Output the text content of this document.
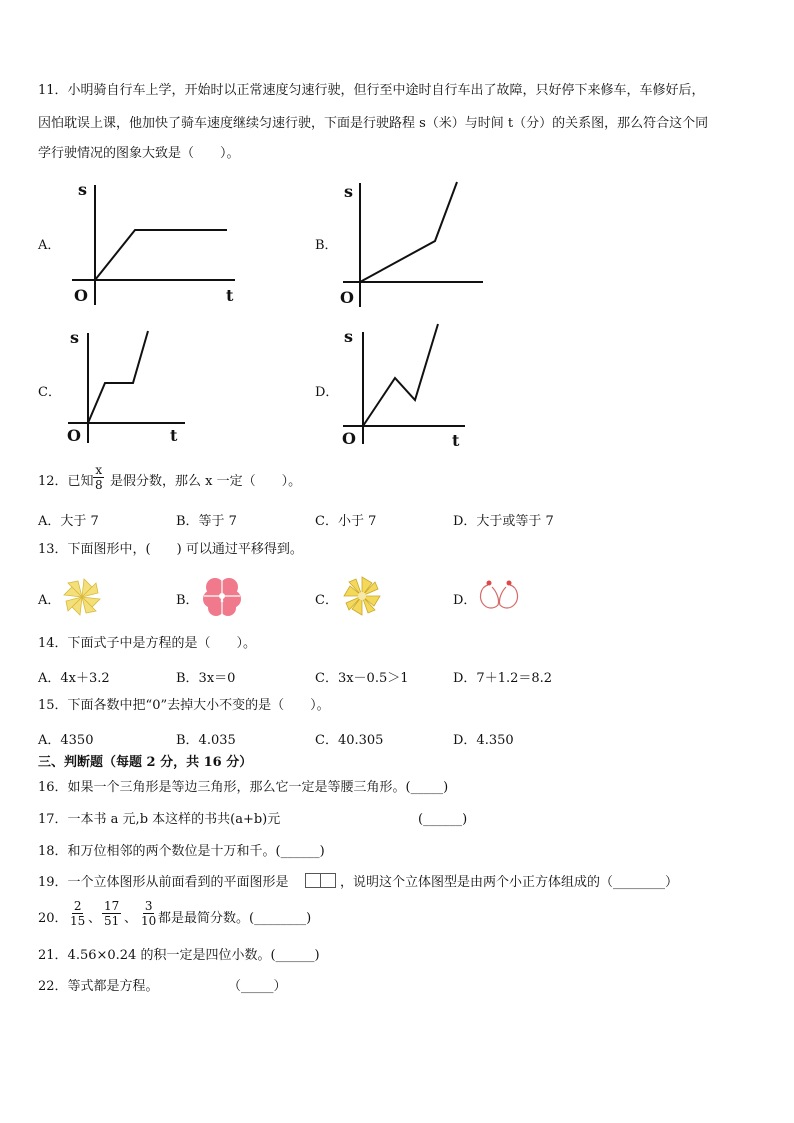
11．小明骑自行车上学，开始时以正常速度匀速行驶，但行至中途时自行车出了故障，只好停下来修车，车修好后，
因怕耽误上课，他加快了骑车速度继续匀速行驶，下面是行驶路程 s（米）与时间 t（分）的关系图，那么符合这个同
学行驶情况的图象大致是（　　）。
A．
s
t
O
B．
s
O
C．
s
t
O
D．
s
t
O
12．已知 $\frac{x}{8}$ 是假分数，那么 x 一定（　　）。
A．大于 7	B．等于 7	C．小于 7	D．大于或等于 7
13．下面图形中，(　　) 可以通过平移得到。
A．	B．	C．	D．
14．下面式子中是方程的是（　　）。
A．4x＋3.2	B．3x＝0	C．3x－0.5＞1	D．7＋1.2＝8.2
15．下面各数中把“0”去掉大小不变的是（　　）。
A．4350	B．4.035	C．40.305	D．4.350
三、判断题（每题 2 分，共 16 分）
16．如果一个三角形是等边三角形，那么它一定是等腰三角形。(_____)
17．一本书 a 元,b 本这样的书共(a+b)元	(______)
18．和万位相邻的两个数位是十万和千。(______)
19．一个立体图形从前面看到的平面图形是	，说明这个立体图型是由两个小正方体组成的（________）
20． $\frac{2}{15}$ 、 $\frac{17}{51}$ 、 $\frac{3}{10}$ 都是最简分数。(________)
21．4.56×0.24 的积一定是四位小数。(______)
22．等式都是方程。	（_____）
